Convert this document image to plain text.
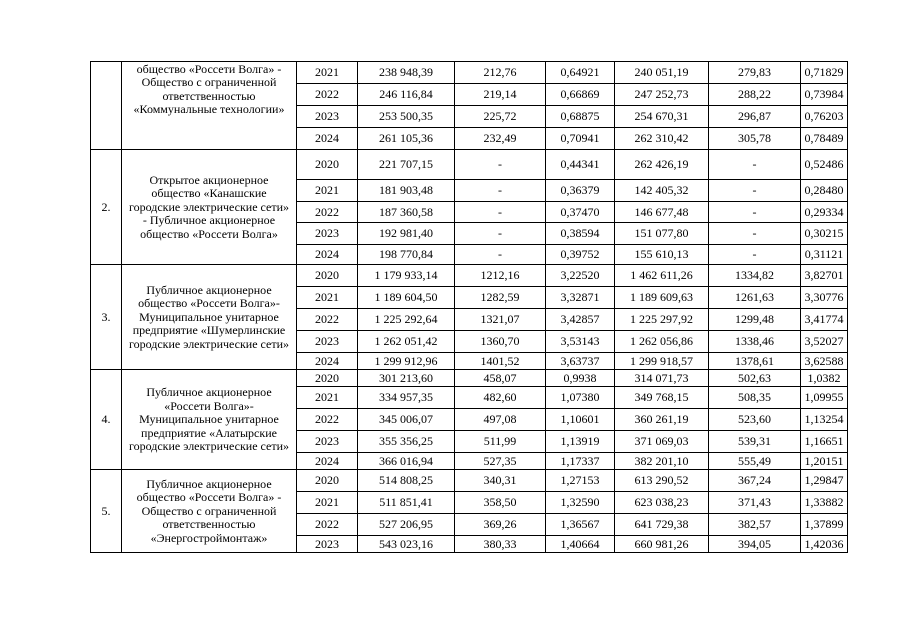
	общество «Россети Волга» - Общество с ограниченной ответственностью «Коммунальные технологии»	2021	238 948,39	212,76	0,64921	240 051,19	279,83	0,71829
		2022	246 116,84	219,14	0,66869	247 252,73	288,22	0,73984
		2023	253 500,35	225,72	0,68875	254 670,31	296,87	0,76203
		2024	261 105,36	232,49	0,70941	262 310,42	305,78	0,78489
2.	Открытое акционерное общество «Канашские городские электрические сети» - Публичное акционерное общество «Россети Волга»	2020	221 707,15	-	0,44341	262 426,19	-	0,52486
		2021	181 903,48	-	0,36379	142 405,32	-	0,28480
		2022	187 360,58	-	0,37470	146 677,48	-	0,29334
		2023	192 981,40	-	0,38594	151 077,80	-	0,30215
		2024	198 770,84	-	0,39752	155 610,13	-	0,31121
3.	Публичное акционерное общество «Россети Волга»- Муниципальное унитарное предприятие «Шумерлинские городские электрические сети»	2020	1 179 933,14	1212,16	3,22520	1 462 611,26	1334,82	3,82701
		2021	1 189 604,50	1282,59	3,32871	1 189 609,63	1261,63	3,30776
		2022	1 225 292,64	1321,07	3,42857	1 225 297,92	1299,48	3,41774
		2023	1 262 051,42	1360,70	3,53143	1 262 056,86	1338,46	3,52027
		2024	1 299 912,96	1401,52	3,63737	1 299 918,57	1378,61	3,62588
4.	Публичное акционерное «Россети Волга»- Муниципальное унитарное предприятие «Алатырские городские электрические сети»	2020	301 213,60	458,07	0,9938	314 071,73	502,63	1,0382
		2021	334 957,35	482,60	1,07380	349 768,15	508,35	1,09955
		2022	345 006,07	497,08	1,10601	360 261,19	523,60	1,13254
		2023	355 356,25	511,99	1,13919	371 069,03	539,31	1,16651
		2024	366 016,94	527,35	1,17337	382 201,10	555,49	1,20151
5.	Публичное акционерное общество «Россети Волга» - Общество с ограниченной ответственностью «Энергостроймонтаж»	2020	514 808,25	340,31	1,27153	613 290,52	367,24	1,29847
		2021	511 851,41	358,50	1,32590	623 038,23	371,43	1,33882
		2022	527 206,95	369,26	1,36567	641 729,38	382,57	1,37899
		2023	543 023,16	380,33	1,40664	660 981,26	394,05	1,42036
